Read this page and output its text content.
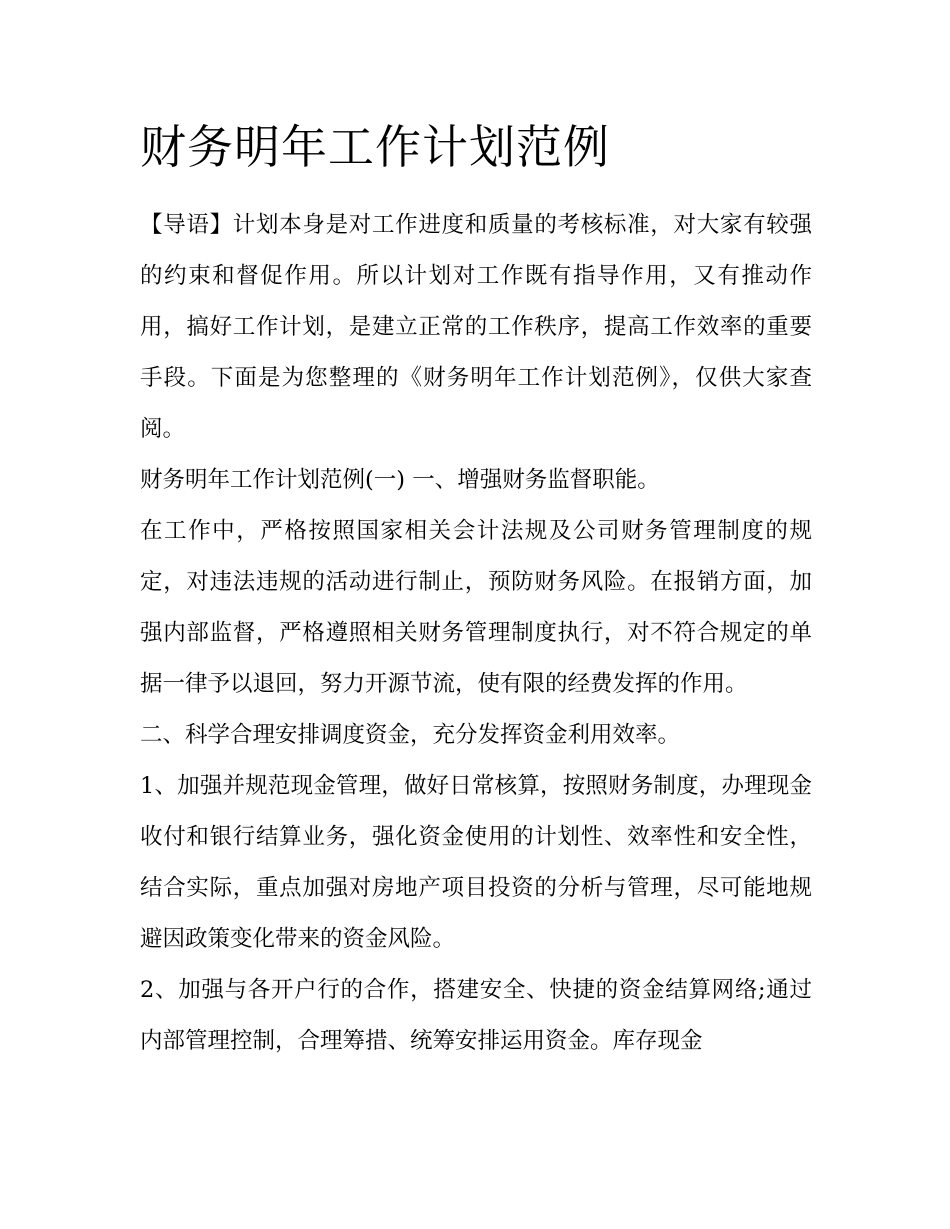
财务明年工作计划范例

【导语】计划本身是对工作进度和质量的考核标准，对大家有较强的约束和督促作用。所以计划对工作既有指导作用，又有推动作用，搞好工作计划，是建立正常的工作秩序，提高工作效率的重要手段。下面是为您整理的《财务明年工作计划范例》，仅供大家查阅。

财务明年工作计划范例(一) 一、增强财务监督职能。

在工作中，严格按照国家相关会计法规及公司财务管理制度的规定，对违法违规的活动进行制止，预防财务风险。在报销方面，加强内部监督，严格遵照相关财务管理制度执行，对不符合规定的单据一律予以退回，努力开源节流，使有限的经费发挥的作用。

二、科学合理安排调度资金，充分发挥资金利用效率。

1、加强并规范现金管理，做好日常核算，按照财务制度，办理现金收付和银行结算业务，强化资金使用的计划性、效率性和安全性，结合实际，重点加强对房地产项目投资的分析与管理，尽可能地规避因政策变化带来的资金风险。

2、加强与各开户行的合作，搭建安全、快捷的资金结算网络;通过内部管理控制，合理筹措、统筹安排运用资金。库存现金
